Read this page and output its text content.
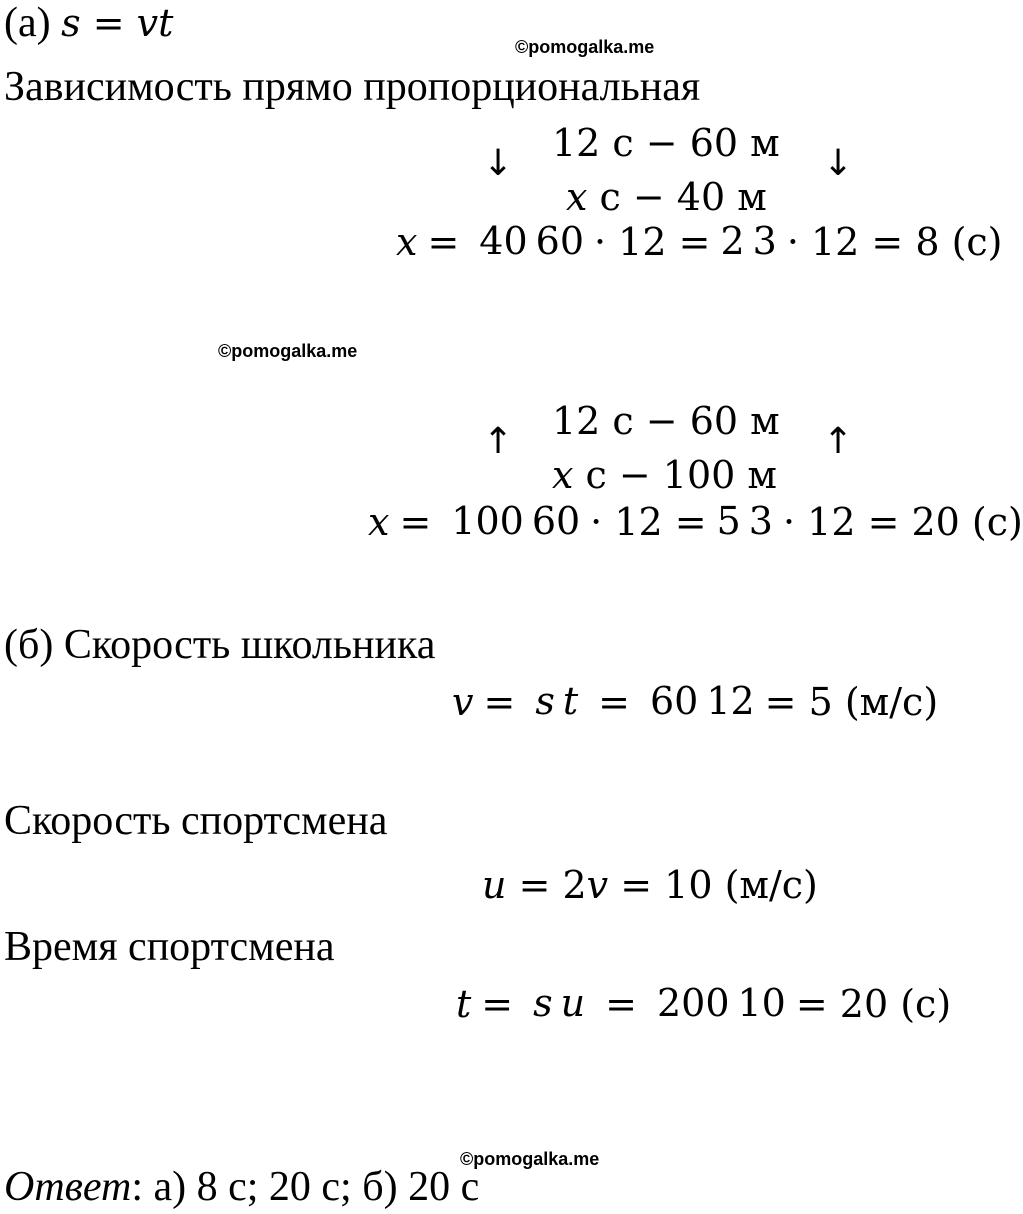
(а) s = vt
©pomogalka.me
Зависимость прямо пропорциональная
↓	↓
12 с − 60 м
x с − 40 м
x = 40 60 · 12 = 2 3 · 12 = 8 (с)
©pomogalka.me
↑	↑
12 с − 60 м
x с − 100 м
x = 100 60 · 12 = 5 3 · 12 = 20 (с)
(б) Скорость школьника
v = s t = 60 12 = 5 (м/с)
Скорость спортсмена
u = 2v = 10 (м/с)
Время спортсмена
t = s u = 200 10 = 20 (с)
©pomogalka.me
Ответ: а) 8 с; 20 с; б) 20 с
